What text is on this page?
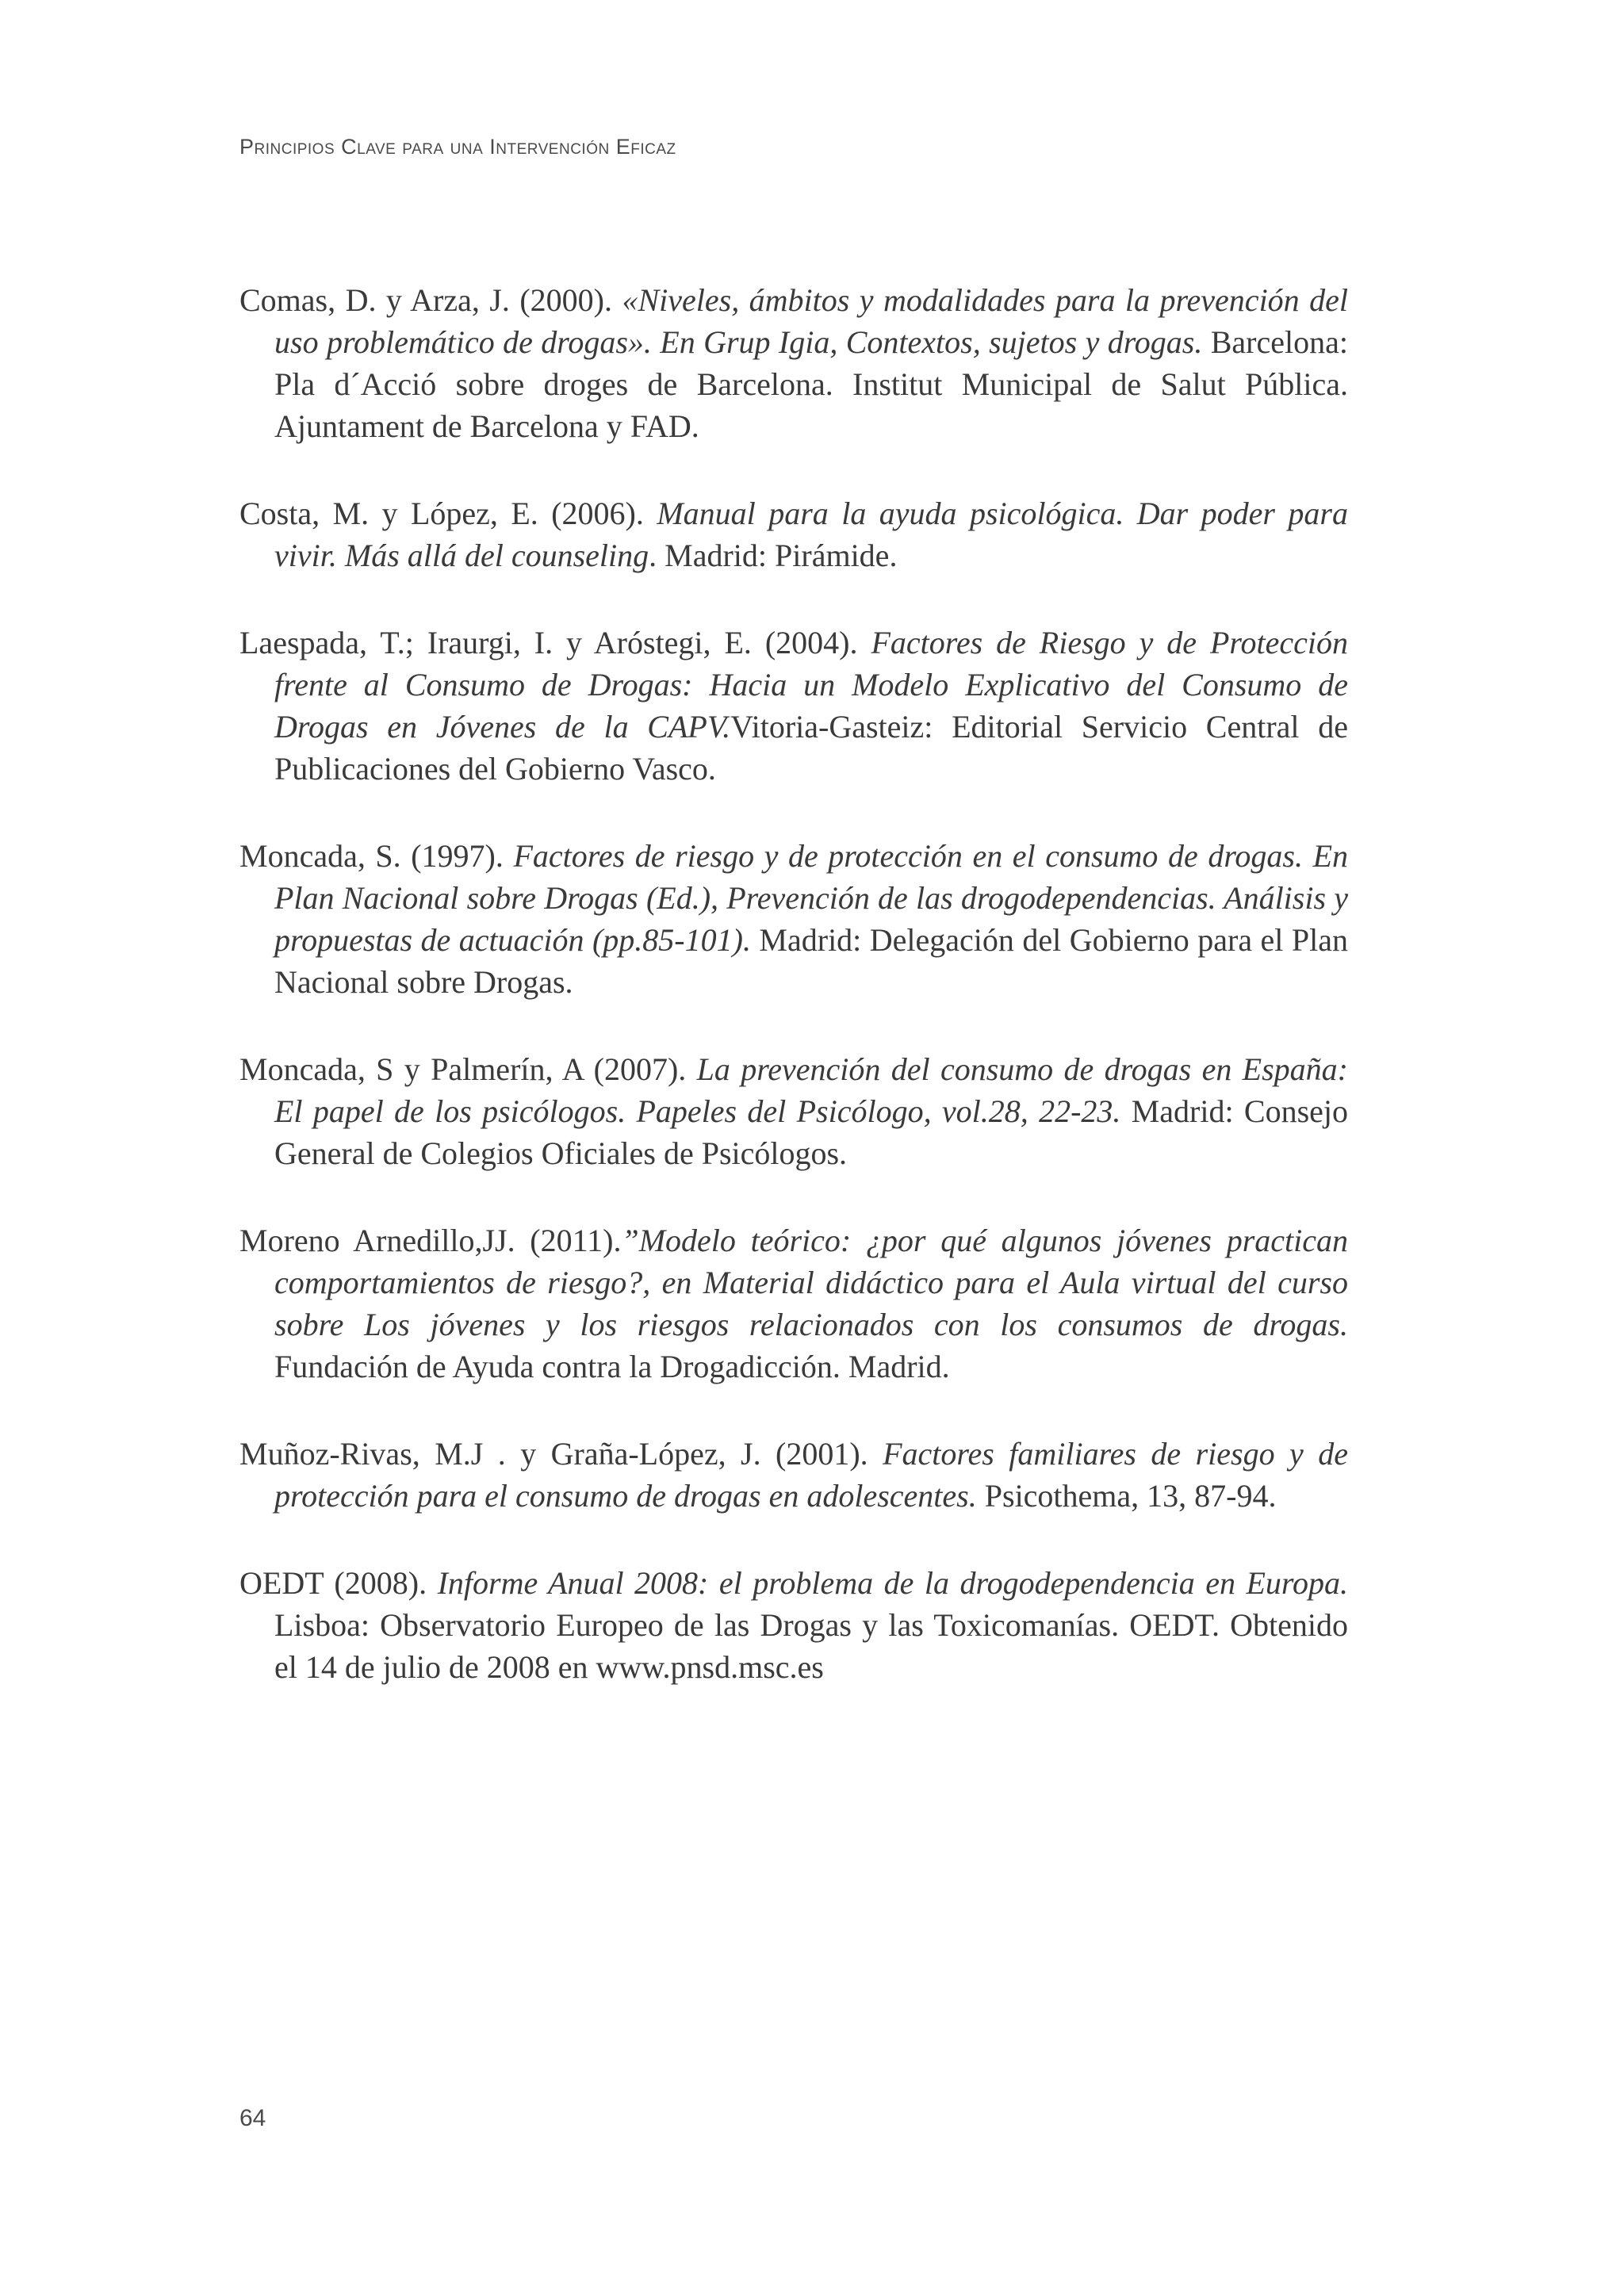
Principios Clave para una Intervención Eficaz
Comas, D. y Arza, J. (2000). «Niveles, ámbitos y modalidades para la prevención del uso problemático de drogas». En Grup Igia, Contextos, sujetos y drogas. Barcelona: Pla d´Acció sobre droges de Barcelona. Institut Municipal de Salut Pública. Ajuntament de Barcelona y FAD.
Costa, M. y López, E. (2006). Manual para la ayuda psicológica. Dar poder para vivir. Más allá del counseling. Madrid: Pirámide.
Laespada, T.; Iraurgi, I. y Aróstegi, E. (2004). Factores de Riesgo y de Protección frente al Consumo de Drogas: Hacia un Modelo Explicativo del Consumo de Drogas en Jóvenes de la CAPV.Vitoria-Gasteiz: Editorial Servicio Central de Publicaciones del Gobierno Vasco.
Moncada, S. (1997). Factores de riesgo y de protección en el consumo de drogas. En Plan Nacional sobre Drogas (Ed.), Prevención de las drogodependencias. Análisis y propuestas de actuación (pp.85-101). Madrid: Delegación del Gobierno para el Plan Nacional sobre Drogas.
Moncada, S y Palmerín, A (2007). La prevención del consumo de drogas en España: El papel de los psicólogos. Papeles del Psicólogo, vol.28, 22-23. Madrid: Consejo General de Colegios Oficiales de Psicólogos.
Moreno Arnedillo,JJ. (2011).”Modelo teórico: ¿por qué algunos jóvenes practican comportamientos de riesgo?, en Material didáctico para el Aula virtual del curso sobre Los jóvenes y los riesgos relacionados con los consumos de drogas. Fundación de Ayuda contra la Drogadicción. Madrid.
Muñoz-Rivas, M.J . y Graña-López, J. (2001). Factores familiares de riesgo y de protección para el consumo de drogas en adolescentes. Psicothema, 13, 87-94.
OEDT (2008). Informe Anual 2008: el problema de la drogodependencia en Europa. Lisboa: Observatorio Europeo de las Drogas y las Toxicomanías. OEDT. Obtenido el 14 de julio de 2008 en www.pnsd.msc.es
64
